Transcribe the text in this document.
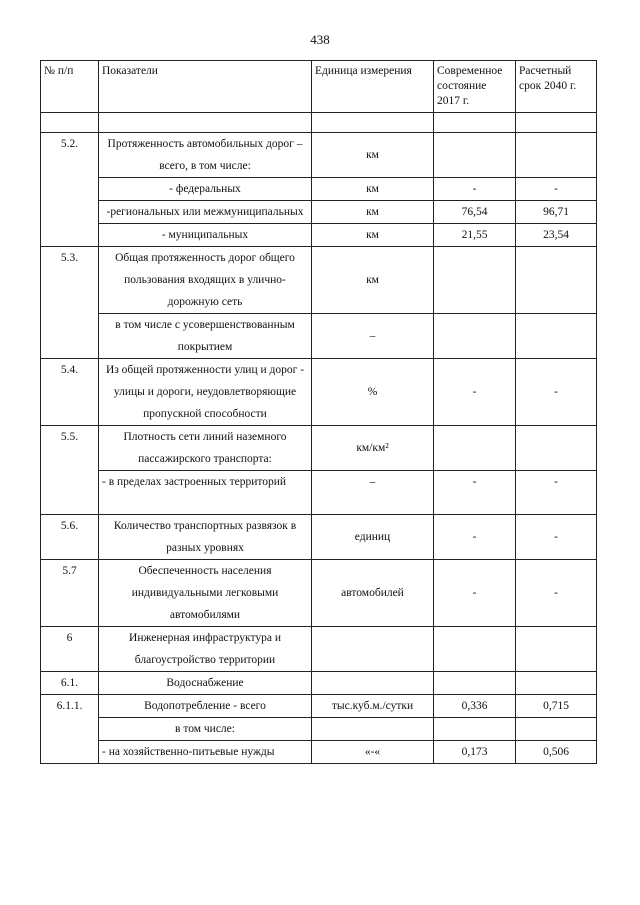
438
№ п/п	Показатели	Единица измерения	Современное состояние 2017 г.	Расчетный срок 2040 г.

5.2.	Протяженность автомобильных дорог – всего, в том числе:	км		
	- федеральных	км	-	-
	-региональных или межмуниципальных	км	76,54	96,71
	- муниципальных	км	21,55	23,54
5.3.	Общая протяженность дорог общего пользования входящих в улично-дорожную сеть	км		
	в том числе с усовершенствованным покрытием	–		
5.4.	Из общей протяженности улиц и дорог - улицы и дороги, неудовлетворяющие пропускной способности	%	-	-
5.5.	Плотность сети линий наземного пассажирского транспорта:	км/км²		
	- в пределах застроенных территорий	–	-	-
5.6.	Количество транспортных развязок в разных уровнях	единиц	-	-
5.7	Обеспеченность населения индивидуальными легковыми автомобилями	автомобилей	-	-
6	Инженерная инфраструктура и благоустройство территории			
6.1.	Водоснабжение			
6.1.1.	Водопотребление - всего	тыс.куб.м./сутки	0,336	0,715
	в том числе:			
	- на хозяйственно-питьевые нужды	«-«	0,173	0,506
